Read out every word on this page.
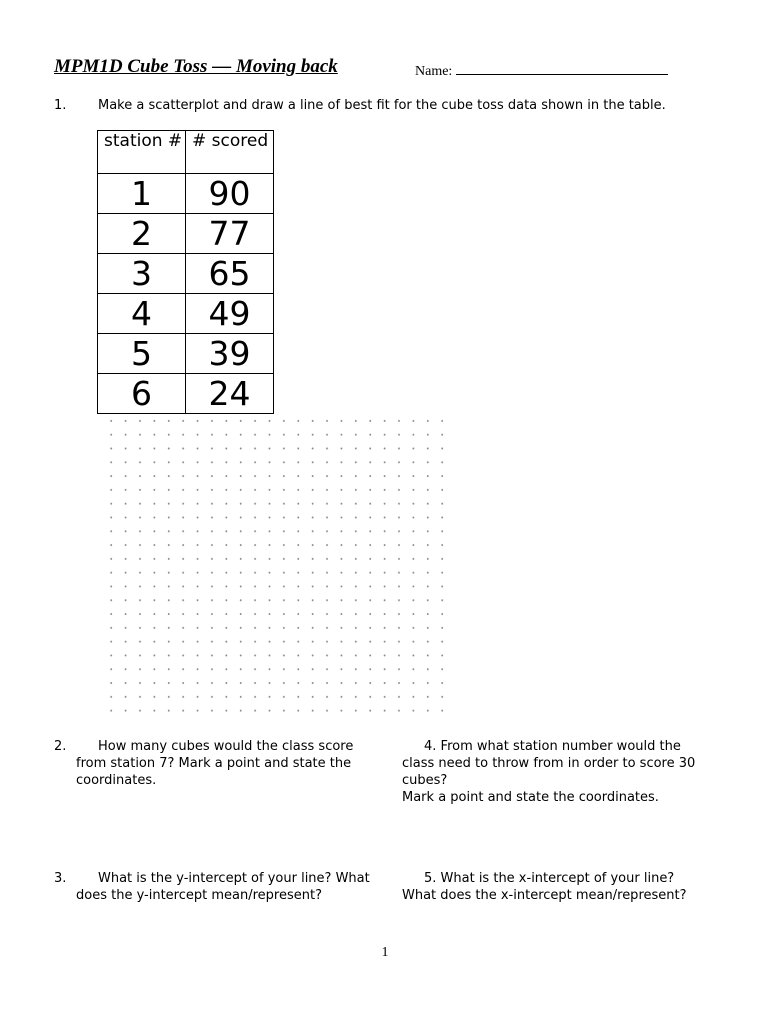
MPM1D Cube Toss — Moving back	Name:
1.	Make a scatterplot and draw a line of best fit for the cube toss data shown in the table.
station #	# scored
1	90
2	77
3	65
4	49
5	39
6	24
2.	How many cubes would the class score from station 7? Mark a point and state the coordinates.
4. From what station number would the class need to throw from in order to score 30 cubes?
Mark a point and state the coordinates.
3.	What is the y-intercept of your line? What does the y-intercept mean/represent?
5. What is the x-intercept of your line? What does the x-intercept mean/represent?
1
